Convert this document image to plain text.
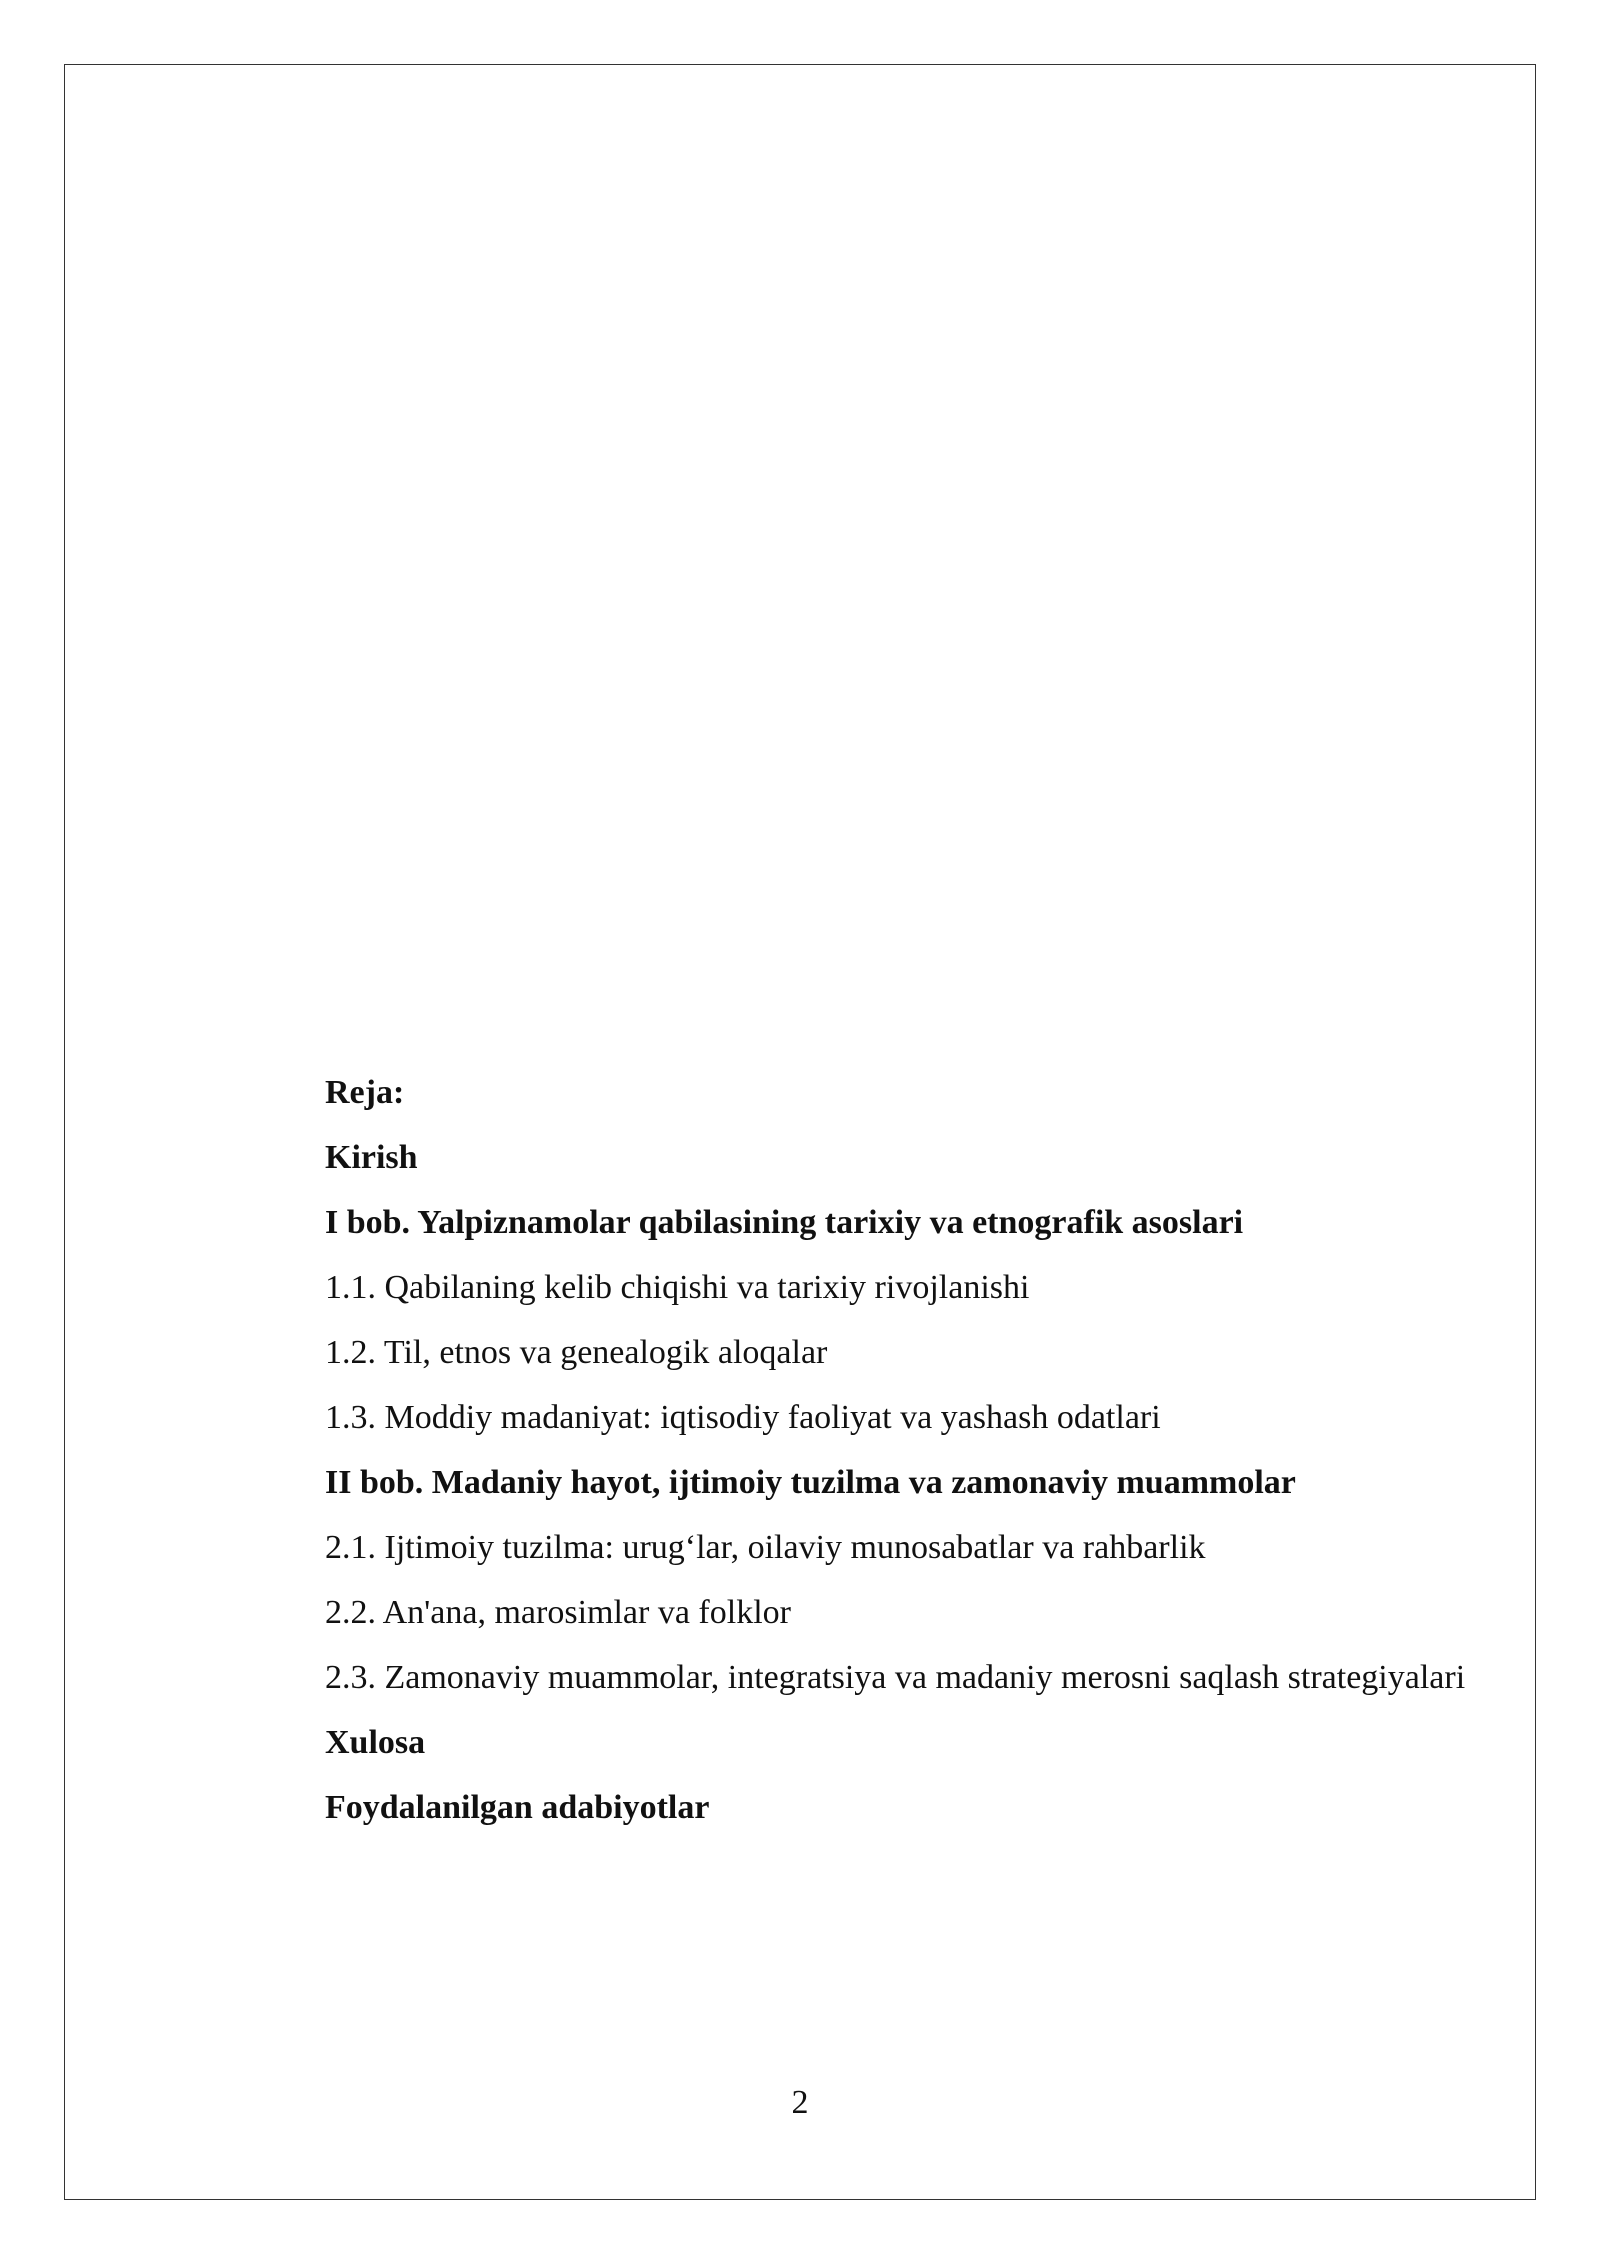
Reja:

Kirish

I bob. Yalpiznamolar qabilasining tarixiy va etnografik asoslari

1.1. Qabilaning kelib chiqishi va tarixiy rivojlanishi

1.2. Til, etnos va genealogik aloqalar

1.3. Moddiy madaniyat: iqtisodiy faoliyat va yashash odatlari

II bob. Madaniy hayot, ijtimoiy tuzilma va zamonaviy muammolar

2.1. Ijtimoiy tuzilma: urug‘lar, oilaviy munosabatlar va rahbarlik

2.2. An'ana, marosimlar va folklor

2.3. Zamonaviy muammolar, integratsiya va madaniy merosni saqlash strategiyalari

Xulosa

Foydalanilgan adabiyotlar

2
